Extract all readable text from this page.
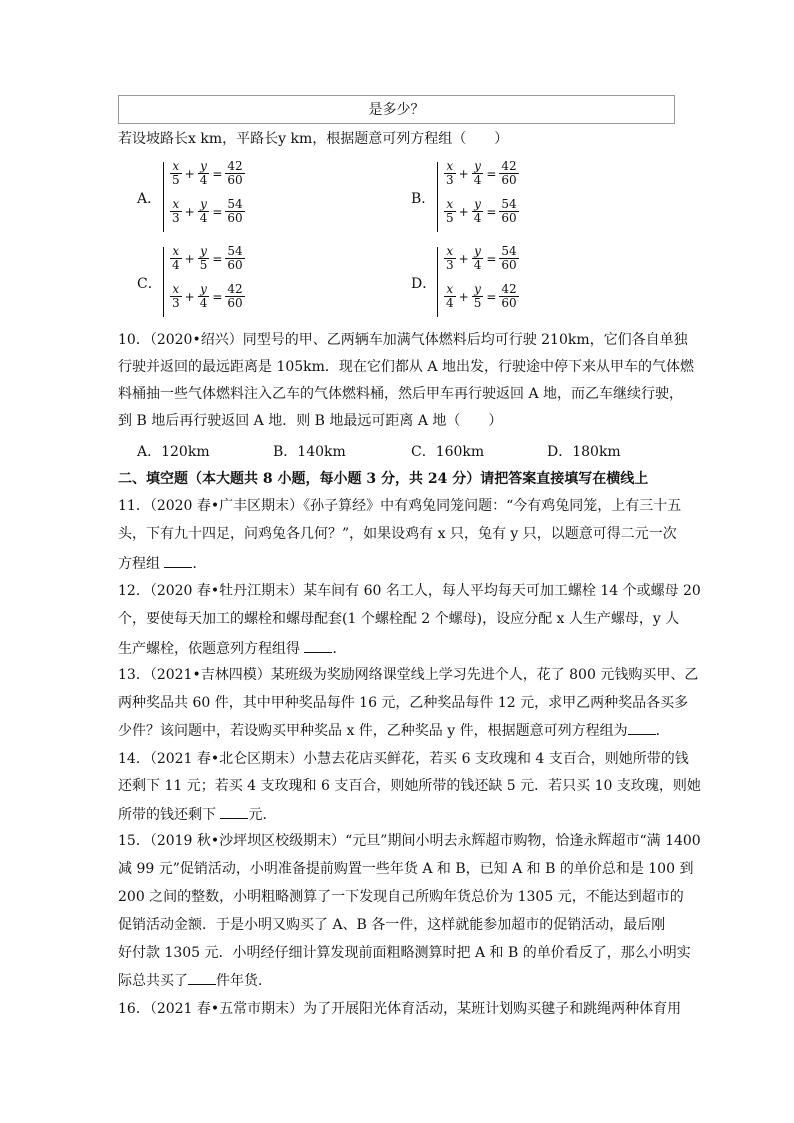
是多少？
若设坡路长x km，平路长y km，根据题意可列方程组（　　）
A．
$\frac{x}{5} + \frac{y}{4} = \frac{42}{60}$
$\frac{x}{3} + \frac{y}{4} = \frac{54}{60}$	B．
$\frac{x}{3} + \frac{y}{4} = \frac{42}{60}$
$\frac{x}{5} + \frac{y}{4} = \frac{54}{60}$
C．
$\frac{x}{4} + \frac{y}{5} = \frac{54}{60}$
$\frac{x}{3} + \frac{y}{4} = \frac{42}{60}$	D．
$\frac{x}{3} + \frac{y}{4} = \frac{54}{60}$
$\frac{x}{4} + \frac{y}{5} = \frac{42}{60}$
10．（2020•绍兴）同型号的甲、乙两辆车加满气体燃料后均可行驶 210km，它们各自单独
行驶并返回的最远距离是 105km．现在它们都从 A 地出发，行驶途中停下来从甲车的气体燃
料桶抽一些气体燃料注入乙车的气体燃料桶，然后甲车再行驶返回 A 地，而乙车继续行驶，
到 B 地后再行驶返回 A 地．则 B 地最远可距离 A 地（　　）
A．120km	B．140km	C．160km	D．180km
二、填空题（本大题共 8 小题，每小题 3 分，共 24 分）请把答案直接填写在横线上
11．（2020 春•广丰区期末）《孙子算经》中有鸡兔同笼问题：“今有鸡兔同笼，上有三十五
头，下有九十四足，问鸡兔各几何？”，如果设鸡有 x 只，兔有 y 只，以题意可得二元一次
方程组 ．
12．（2020 春•牡丹江期末）某车间有 60 名工人，每人平均每天可加工螺栓 14 个或螺母 20
个，要使每天加工的螺栓和螺母配套(1 个螺栓配 2 个螺母)，设应分配 x 人生产螺母，y 人
生产螺栓，依题意列方程组得 ．
13．（2021•吉林四模）某班级为奖励网络课堂线上学习先进个人，花了 800 元钱购买甲、乙
两种奖品共 60 件，其中甲种奖品每件 16 元，乙种奖品每件 12 元，求甲乙两种奖品各买多
少件？该问题中，若设购买甲种奖品 x 件，乙种奖品 y 件，根据题意可列方程组为 ．
14．（2021 春•北仑区期末）小慧去花店买鲜花，若买 6 支玫瑰和 4 支百合，则她所带的钱
还剩下 11 元；若买 4 支玫瑰和 6 支百合，则她所带的钱还缺 5 元．若只买 10 支玫瑰，则她
所带的钱还剩下 元．
15．（2019 秋•沙坪坝区校级期末）“元旦”期间小明去永辉超市购物，恰逢永辉超市“满 1400
减 99 元”促销活动，小明准备提前购置一些年货 A 和 B，已知 A 和 B 的单价总和是 100 到
200 之间的整数，小明粗略测算了一下发现自己所购年货总价为 1305 元，不能达到超市的
促销活动金额．于是小明又购买了 A、B 各一件，这样就能参加超市的促销活动，最后刚
好付款 1305 元．小明经仔细计算发现前面粗略测算时把 A 和 B 的单价看反了，那么小明实
际总共买了 件年货．
16．（2021 春•五常市期末）为了开展阳光体育活动，某班计划购买毽子和跳绳两种体育用
